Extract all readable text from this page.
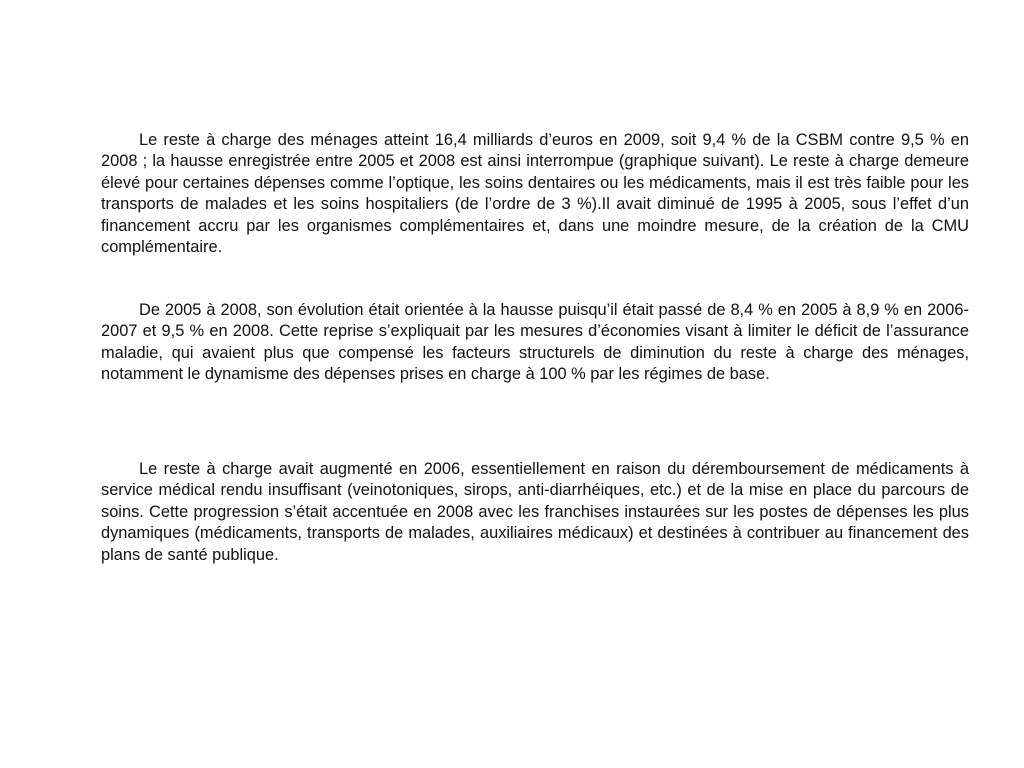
Le reste à charge des ménages atteint 16,4 milliards d’euros en 2009, soit 9,4 % de la CSBM contre 9,5 % en 2008 ; la hausse enregistrée entre 2005 et 2008 est ainsi interrompue (graphique suivant). Le reste à charge demeure élevé pour certaines dépenses comme l’optique, les soins dentaires ou les médicaments, mais il est très faible pour les transports de malades et les soins hospitaliers (de l’ordre de 3 %).Il avait diminué de 1995 à 2005, sous l’effet d’un financement accru par les organismes complémentaires et, dans une moindre mesure, de la création de la CMU complémentaire.

De 2005 à 2008, son évolution était orientée à la hausse puisqu’il était passé de 8,4 % en 2005 à 8,9 % en 2006-2007 et 9,5 % en 2008. Cette reprise s’expliquait par les mesures d’économies visant à limiter le déficit de l’assurance maladie, qui avaient plus que compensé les facteurs structurels de diminution du reste à charge des ménages, notamment le dynamisme des dépenses prises en charge à 100 % par les régimes de base.

Le reste à charge avait augmenté en 2006, essentiellement en raison du déremboursement de médicaments à service médical rendu insuffisant (veinotoniques, sirops, anti-diarrhéiques, etc.) et de la mise en place du parcours de soins. Cette progression s’était accentuée en 2008 avec les franchises instaurées sur les postes de dépenses les plus dynamiques (médicaments, transports de malades, auxiliaires médicaux) et destinées à contribuer au financement des plans de santé publique.
